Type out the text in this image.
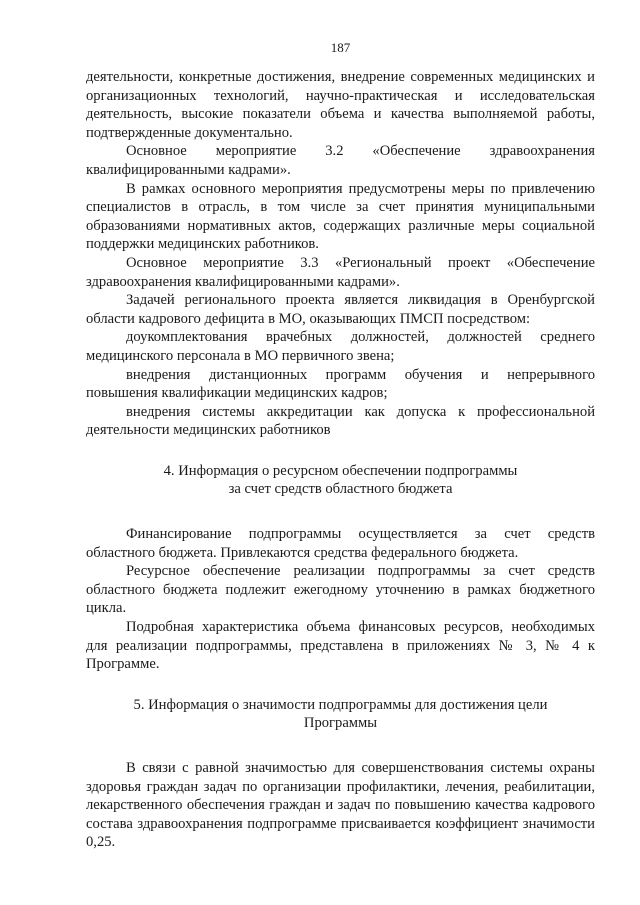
187

деятельности, конкретные достижения, внедрение современных медицинских и организационных технологий, научно-практическая и исследовательская деятельность, высокие показатели объема и качества выполняемой работы, подтвержденные документально.

Основное мероприятие 3.2 «Обеспечение здравоохранения квалифицированными кадрами».

В рамках основного мероприятия предусмотрены меры по привлечению специалистов в отрасль, в том числе за счет принятия муниципальными образованиями нормативных актов, содержащих различные меры социальной поддержки медицинских работников.

Основное мероприятие 3.3 «Региональный проект «Обеспечение здравоохранения квалифицированными кадрами».

Задачей регионального проекта является ликвидация в Оренбургской области кадрового дефицита в МО, оказывающих ПМСП посредством:

доукомплектования врачебных должностей, должностей среднего медицинского персонала в МО первичного звена;

внедрения дистанционных программ обучения и непрерывного повышения квалификации медицинских кадров;

внедрения системы аккредитации как допуска к профессиональной деятельности медицинских работников

4. Информация о ресурсном обеспечении подпрограммы
за счет средств областного бюджета

Финансирование подпрограммы осуществляется за счет средств областного бюджета. Привлекаются средства федерального бюджета.

Ресурсное обеспечение реализации подпрограммы за счет средств областного бюджета подлежит ежегодному уточнению в рамках бюджетного цикла.

Подробная характеристика объема финансовых ресурсов, необходимых для реализации подпрограммы, представлена в приложениях № 3, № 4 к Программе.

5. Информация о значимости подпрограммы для достижения цели
Программы

В связи с равной значимостью для совершенствования системы охраны здоровья граждан задач по организации профилактики, лечения, реабилитации, лекарственного обеспечения граждан и задач по повышению качества кадрового состава здравоохранения подпрограмме присваивается коэффициент значимости 0,25.
